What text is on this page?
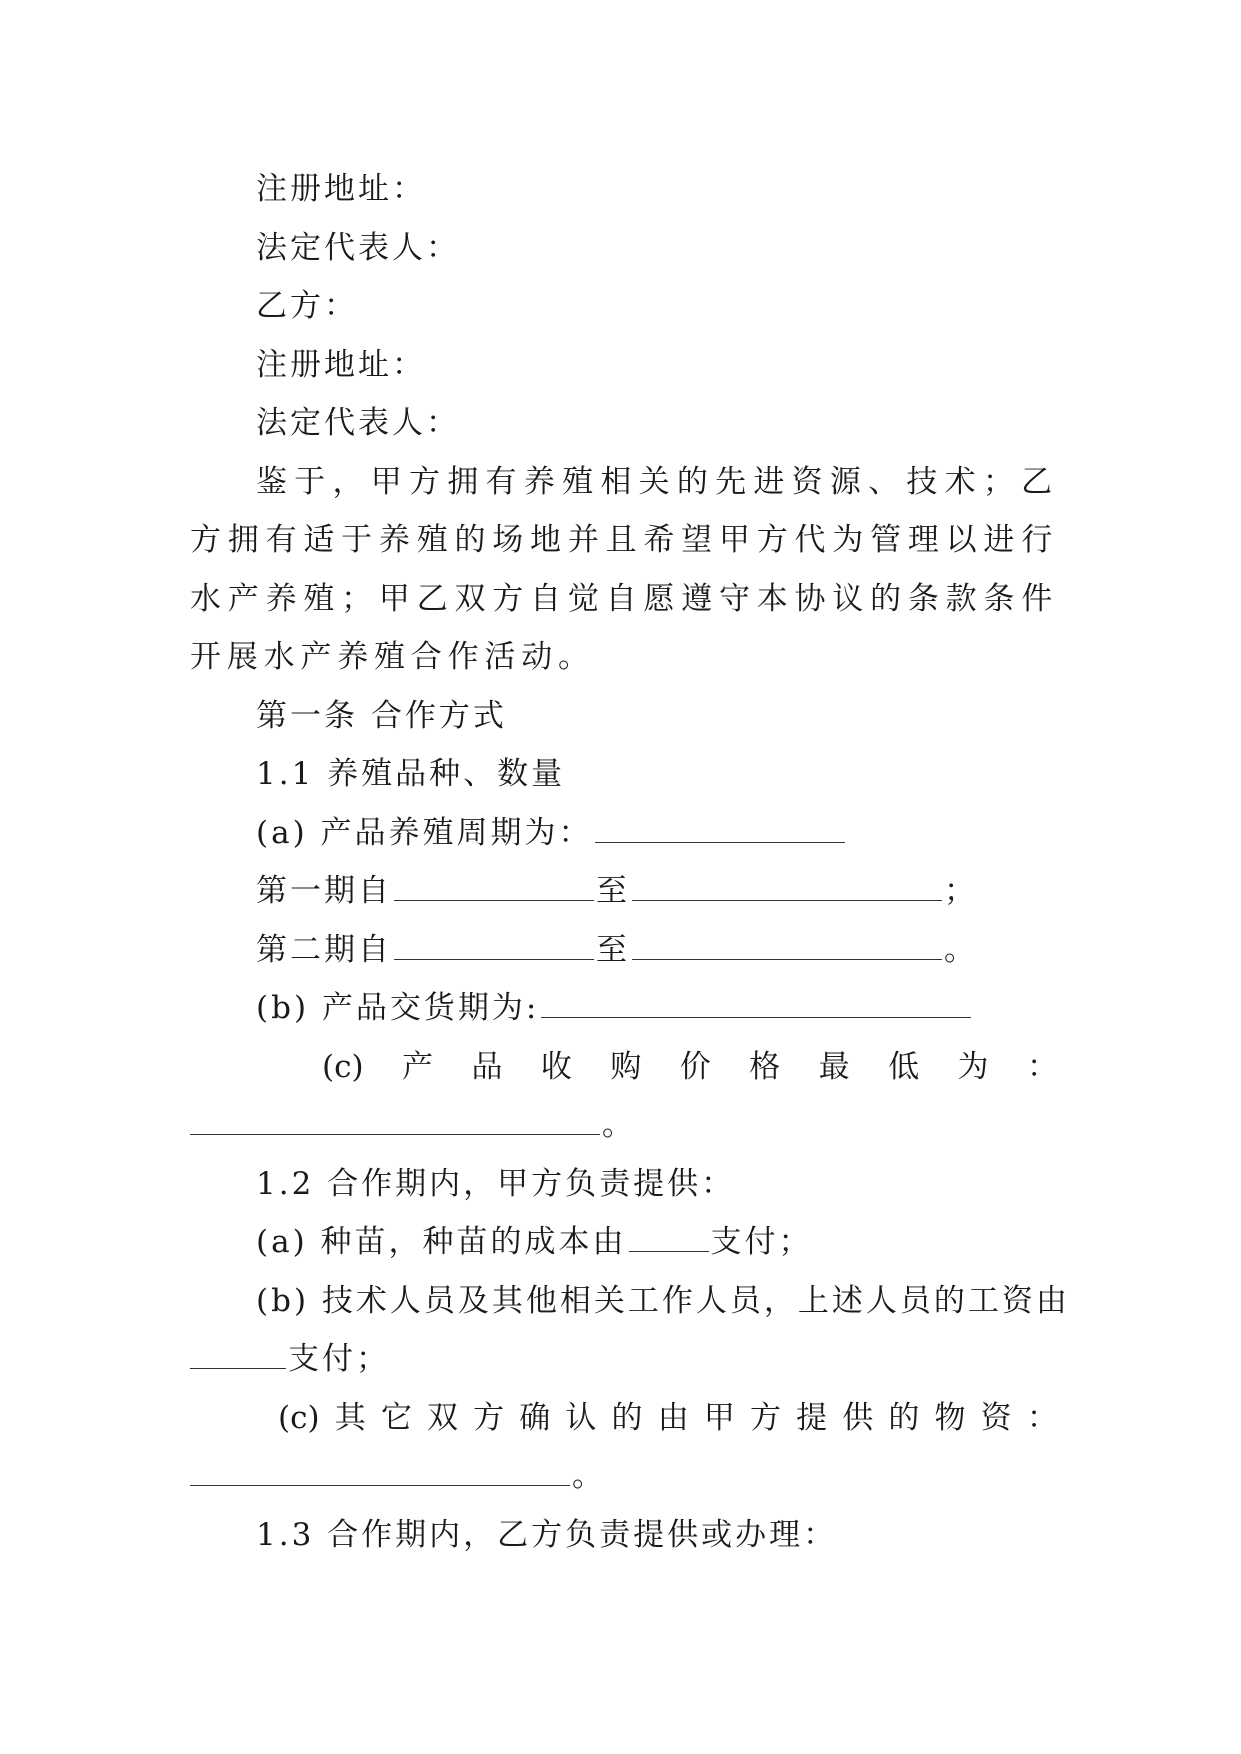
注册地址：
法定代表人：
乙方：
注册地址：
法定代表人：
鉴于，甲方拥有养殖相关的先进资源、技术；乙方拥有适于养殖的场地并且希望甲方代为管理以进行水产养殖；甲乙双方自觉自愿遵守本协议的条款条件开展水产养殖合作活动。
第一条 合作方式
1.1 养殖品种、数量
(a) 产品养殖周期为：
第一期自	至	；
第二期自	至	。
(b) 产品交货期为:
(c) 产 品 收 购 价 格 最 低 为 ：
。
1.2 合作期内，甲方负责提供：
(a) 种苗，种苗的成本由	支付；
(b) 技术人员及其他相关工作人员，上述人员的工资由
支付；
(c) 其 它 双 方 确 认 的 由 甲 方 提 供 的 物 资 ：
。
1.3 合作期内，乙方负责提供或办理：
